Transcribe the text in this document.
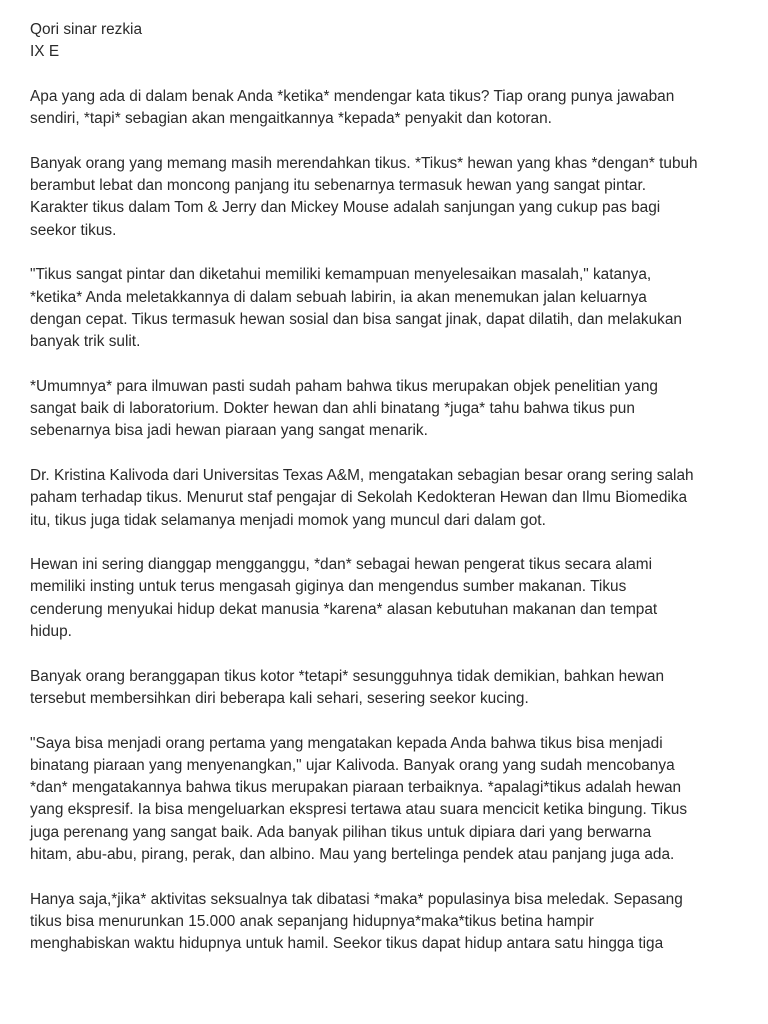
Qori sinar rezkia

IX E

Apa yang ada di dalam benak Anda *ketika* mendengar kata tikus? Tiap orang punya jawaban
sendiri, *tapi* sebagian akan mengaitkannya *kepada* penyakit dan kotoran.

Banyak orang yang memang masih merendahkan tikus. *Tikus* hewan yang khas *dengan* tubuh
berambut lebat dan moncong panjang itu sebenarnya termasuk hewan yang sangat pintar.
Karakter tikus dalam Tom & Jerry dan Mickey Mouse adalah sanjungan yang cukup pas bagi
seekor tikus.

"Tikus sangat pintar dan diketahui memiliki kemampuan menyelesaikan masalah," katanya,
*ketika* Anda meletakkannya di dalam sebuah labirin, ia akan menemukan jalan keluarnya
dengan cepat. Tikus termasuk hewan sosial dan bisa sangat jinak, dapat dilatih, dan melakukan
banyak trik sulit.

*Umumnya* para ilmuwan pasti sudah paham bahwa tikus merupakan objek penelitian yang
sangat baik di laboratorium. Dokter hewan dan ahli binatang *juga* tahu bahwa tikus pun
sebenarnya bisa jadi hewan piaraan yang sangat menarik.

Dr. Kristina Kalivoda dari Universitas Texas A&M, mengatakan sebagian besar orang sering salah
paham terhadap tikus. Menurut staf pengajar di Sekolah Kedokteran Hewan dan Ilmu Biomedika
itu, tikus juga tidak selamanya menjadi momok yang muncul dari dalam got.

Hewan ini sering dianggap mengganggu, *dan* sebagai hewan pengerat tikus secara alami
memiliki insting untuk terus mengasah giginya dan mengendus sumber makanan. Tikus
cenderung menyukai hidup dekat manusia *karena* alasan kebutuhan makanan dan tempat
hidup.

Banyak orang beranggapan tikus kotor *tetapi* sesungguhnya tidak demikian, bahkan hewan
tersebut membersihkan diri beberapa kali sehari, sesering seekor kucing.

"Saya bisa menjadi orang pertama yang mengatakan kepada Anda bahwa tikus bisa menjadi
binatang piaraan yang menyenangkan," ujar Kalivoda. Banyak orang yang sudah mencobanya
*dan* mengatakannya bahwa tikus merupakan piaraan terbaiknya. *apalagi*tikus adalah hewan
yang ekspresif. Ia bisa mengeluarkan ekspresi tertawa atau suara mencicit ketika bingung. Tikus
juga perenang yang sangat baik. Ada banyak pilihan tikus untuk dipiara dari yang berwarna
hitam, abu-abu, pirang, perak, dan albino. Mau yang bertelinga pendek atau panjang juga ada.

Hanya saja,*jika* aktivitas seksualnya tak dibatasi *maka* populasinya bisa meledak. Sepasang
tikus bisa menurunkan 15.000 anak sepanjang hidupnya*maka*tikus betina hampir
menghabiskan waktu hidupnya untuk hamil. Seekor tikus dapat hidup antara satu hingga tiga
